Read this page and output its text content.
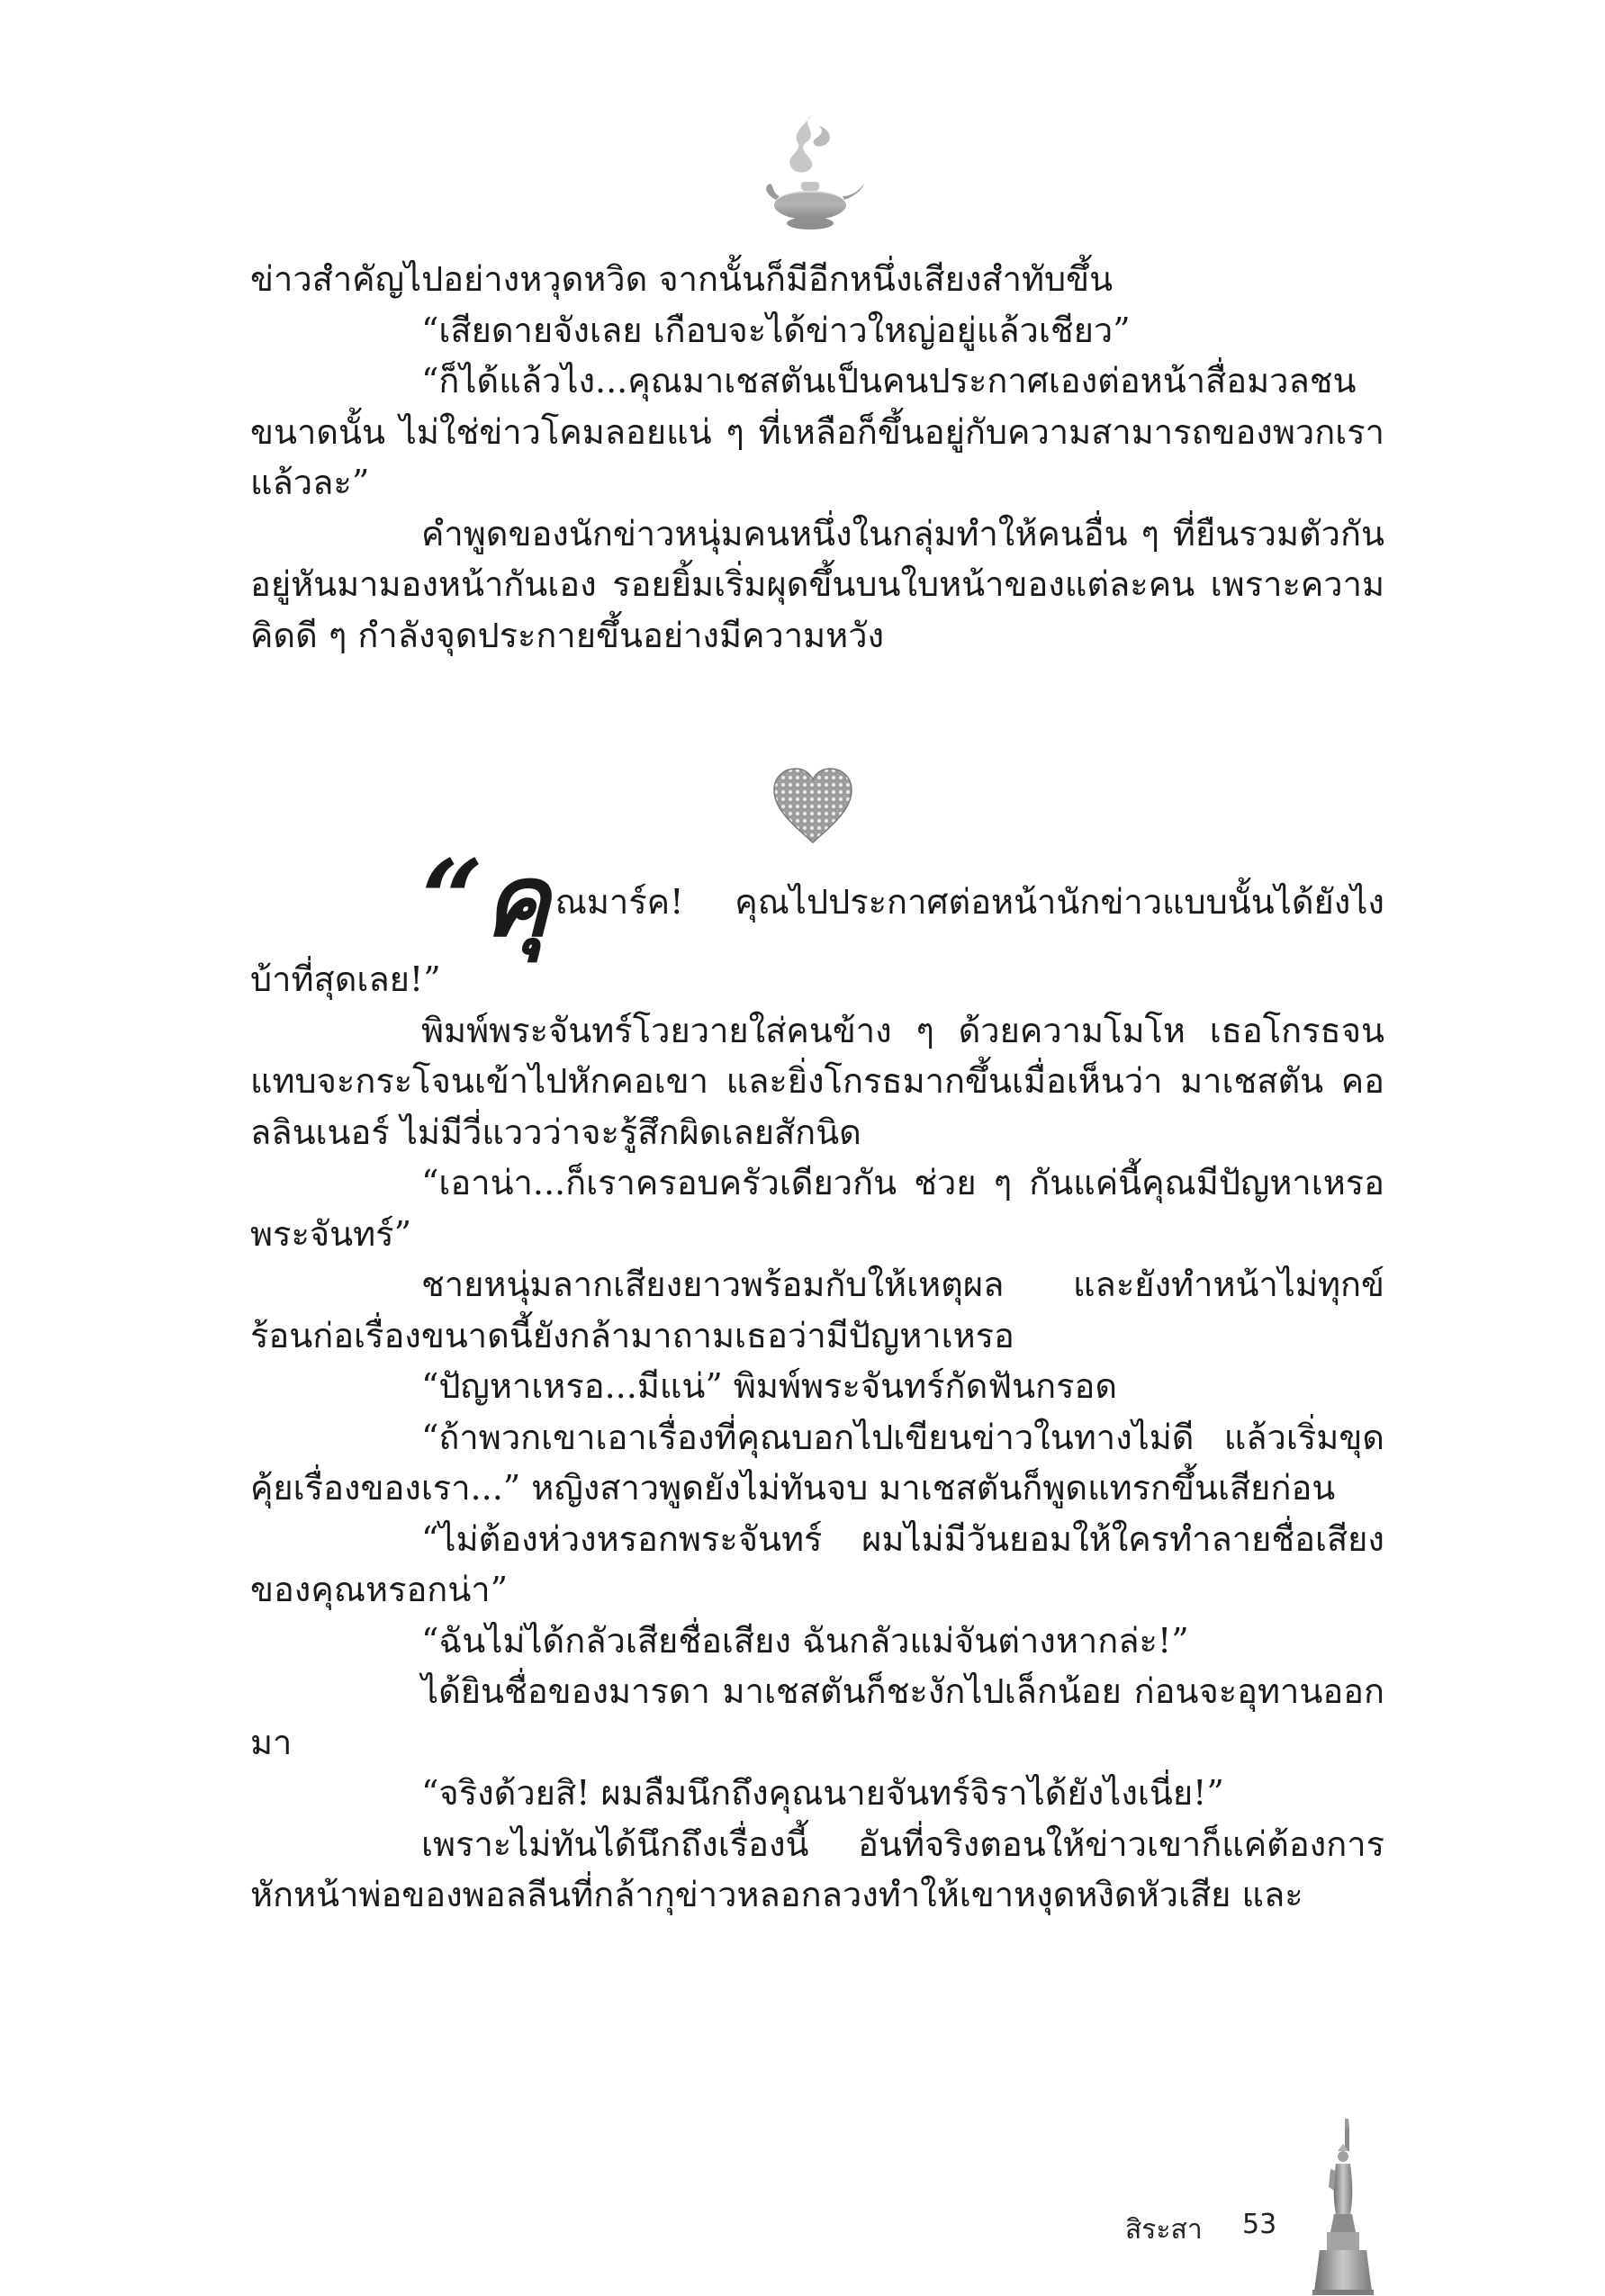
ข่าวสำคัญไปอย่างหวุดหวิด จากนั้นก็มีอีกหนึ่งเสียงสำทับขึ้น

“เสียดายจังเลย เกือบจะได้ข่าวใหญ่อยู่แล้วเชียว”

“ก็ได้แล้วไง...คุณมาเชสตันเป็นคนประกาศเองต่อหน้าสื่อมวลชนขนาดนั้น ไม่ใช่ข่าวโคมลอยแน่ ๆ ที่เหลือก็ขึ้นอยู่กับความสามารถของพวกเราแล้วละ”

คำพูดของนักข่าวหนุ่มคนหนึ่งในกลุ่มทำให้คนอื่น ๆ ที่ยืนรวมตัวกันอยู่หันมามองหน้ากันเอง รอยยิ้มเริ่มผุดขึ้นบนใบหน้าของแต่ละคน เพราะความคิดดี ๆ กำลังจุดประกายขึ้นอย่างมีความหวัง

“คุ ณมาร์ค! คุณไปประกาศต่อหน้านักข่าวแบบนั้นได้ยังไง บ้าที่สุดเลย!”

พิมพ์พระจันทร์โวยวายใส่คนข้าง ๆ ด้วยความโมโห เธอโกรธจนแทบจะกระโจนเข้าไปหักคอเขา และยิ่งโกรธมากขึ้นเมื่อเห็นว่า มาเชสตัน คอลลินเนอร์ ไม่มีวี่แววว่าจะรู้สึกผิดเลยสักนิด

“เอาน่า...ก็เราครอบครัวเดียวกัน ช่วย ๆ กันแค่นี้คุณมีปัญหาเหรอพระจันทร์”

ชายหนุ่มลากเสียงยาวพร้อมกับให้เหตุผล และยังทำหน้าไม่ทุกข์ร้อนก่อเรื่องขนาดนี้ยังกล้ามาถามเธอว่ามีปัญหาเหรอ

“ปัญหาเหรอ...มีแน่” พิมพ์พระจันทร์กัดฟันกรอด

“ถ้าพวกเขาเอาเรื่องที่คุณบอกไปเขียนข่าวในทางไม่ดี แล้วเริ่มขุดคุ้ยเรื่องของเรา...” หญิงสาวพูดยังไม่ทันจบ มาเชสตันก็พูดแทรกขึ้นเสียก่อน

“ไม่ต้องห่วงหรอกพระจันทร์ ผมไม่มีวันยอมให้ใครทำลายชื่อเสียงของคุณหรอกน่า”

“ฉันไม่ได้กลัวเสียชื่อเสียง ฉันกลัวแม่จันต่างหากล่ะ!”

ได้ยินชื่อของมารดา มาเชสตันก็ชะงักไปเล็กน้อย ก่อนจะอุทานออกมา

“จริงด้วยสิ! ผมลืมนึกถึงคุณนายจันทร์จิราได้ยังไงเนี่ย!”

เพราะไม่ทันได้นึกถึงเรื่องนี้ อันที่จริงตอนให้ข่าวเขาก็แค่ต้องการหักหน้าพ่อของพอลลีนที่กล้ากุข่าวหลอกลวงทำให้เขาหงุดหงิดหัวเสีย และ

สิระสา 53
